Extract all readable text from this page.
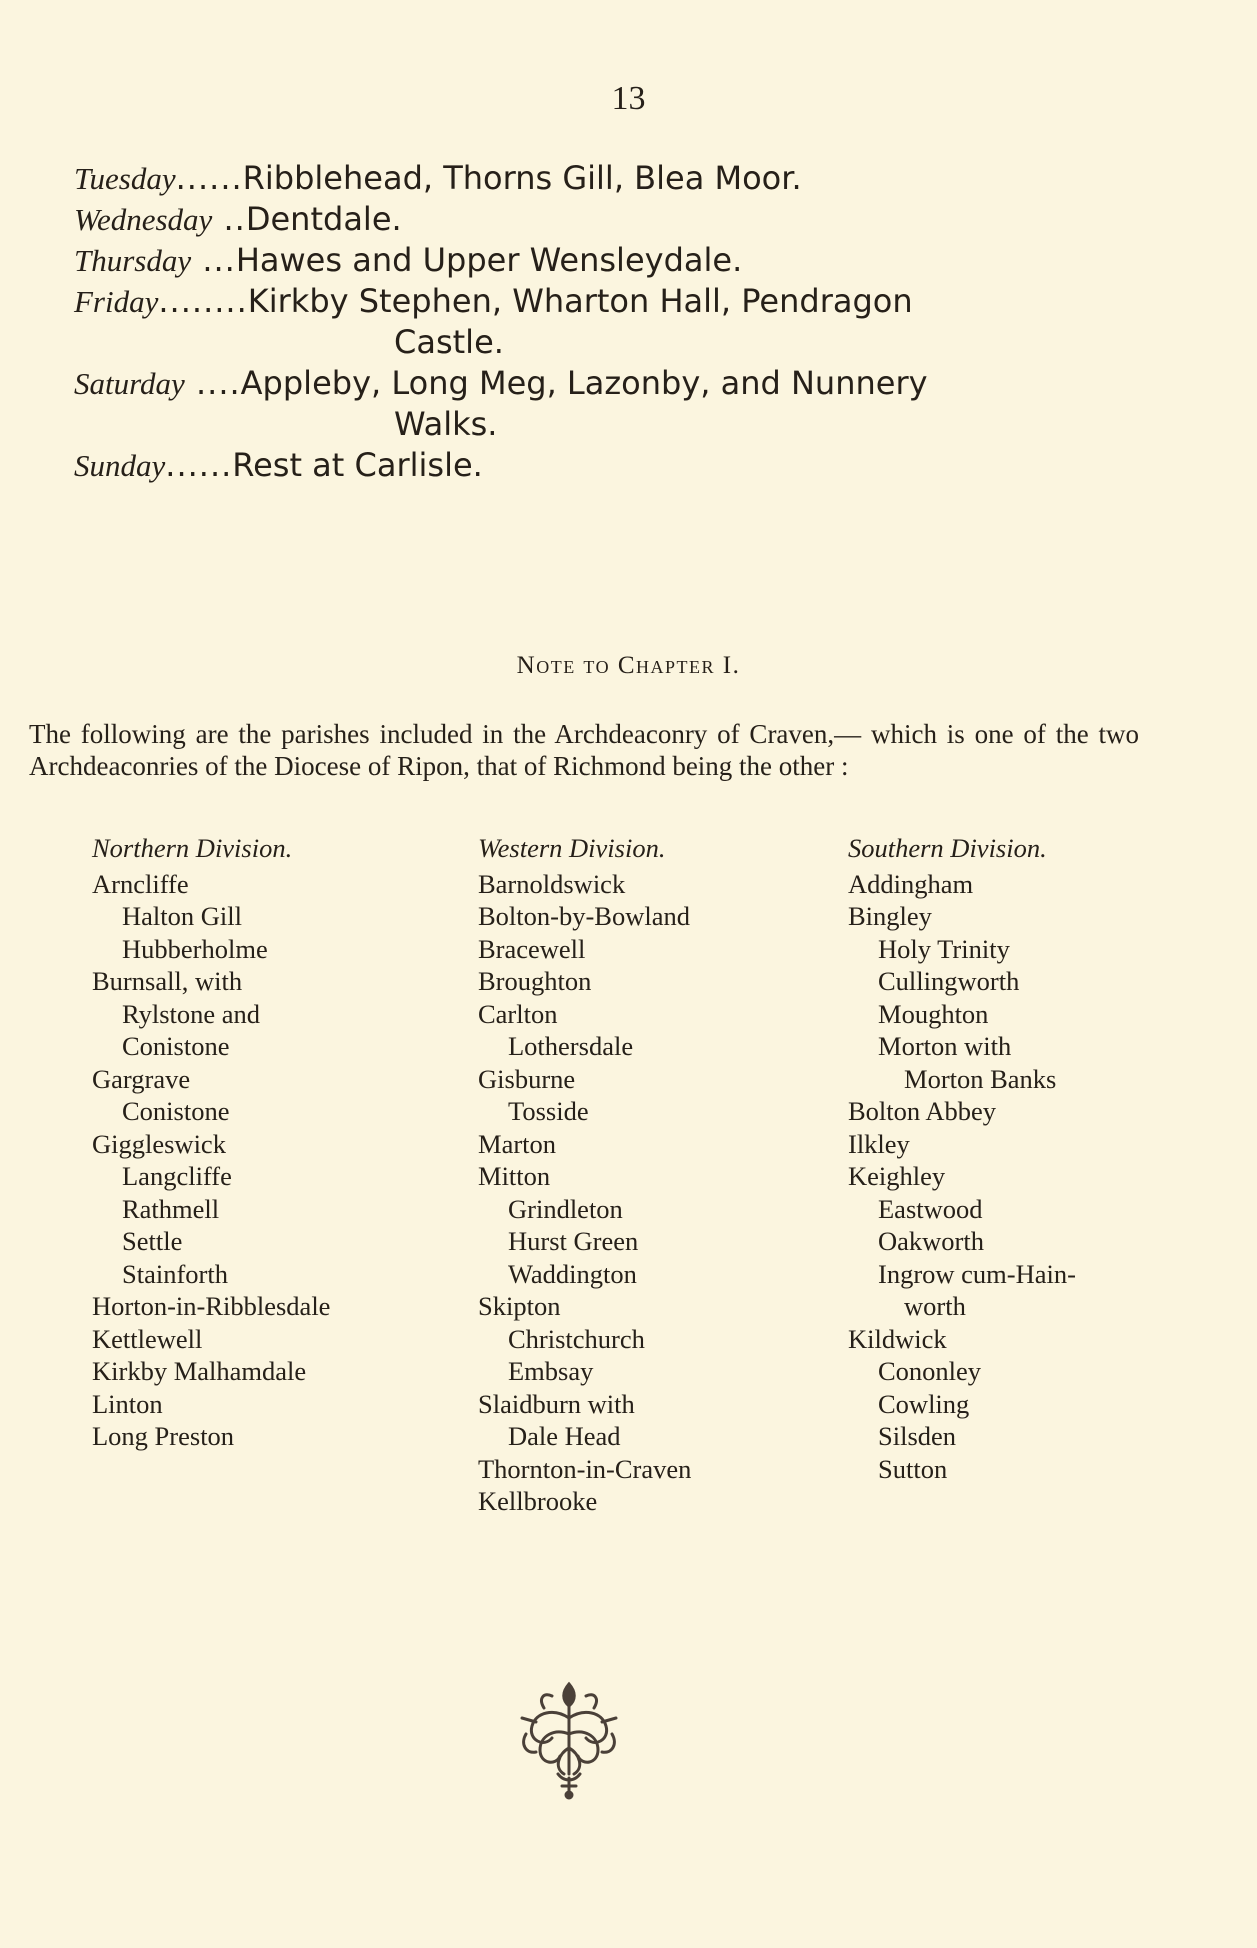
13
Tuesday ...... Ribblehead, Thorns Gill, Blea Moor.
Wednesday .. Dentdale.
Thursday ... Hawes and Upper Wensleydale.
Friday ........ Kirkby Stephen, Wharton Hall, Pendragon
Castle.
Saturday .... Appleby, Long Meg, Lazonby, and Nunnery
Walks.
Sunday ...... Rest at Carlisle.
Note to Chapter I.
The following are the parishes included in the Archdeaconry of Craven,— which is one of the two Archdeaconries of the Diocese of Ripon, that of Richmond being the other :
Northern Division.
Arncliffe
Halton Gill
Hubberholme
Burnsall, with
Rylstone and
Conistone
Gargrave
Conistone
Giggleswick
Langcliffe
Rathmell
Settle
Stainforth
Horton-in-Ribblesdale
Kettlewell
Kirkby Malhamdale
Linton
Long Preston
Western Division.
Barnoldswick
Bolton-by-Bowland
Bracewell
Broughton
Carlton
Lothersdale
Gisburne
Tosside
Marton
Mitton
Grindleton
Hurst Green
Waddington
Skipton
Christchurch
Embsay
Slaidburn with
Dale Head
Thornton-in-Craven
Kellbrooke
Southern Division.
Addingham
Bingley
Holy Trinity
Cullingworth
Moughton
Morton with
Morton Banks
Bolton Abbey
Ilkley
Keighley
Eastwood
Oakworth
Ingrow cum-Hain-
worth
Kildwick
Cononley
Cowling
Silsden
Sutton
